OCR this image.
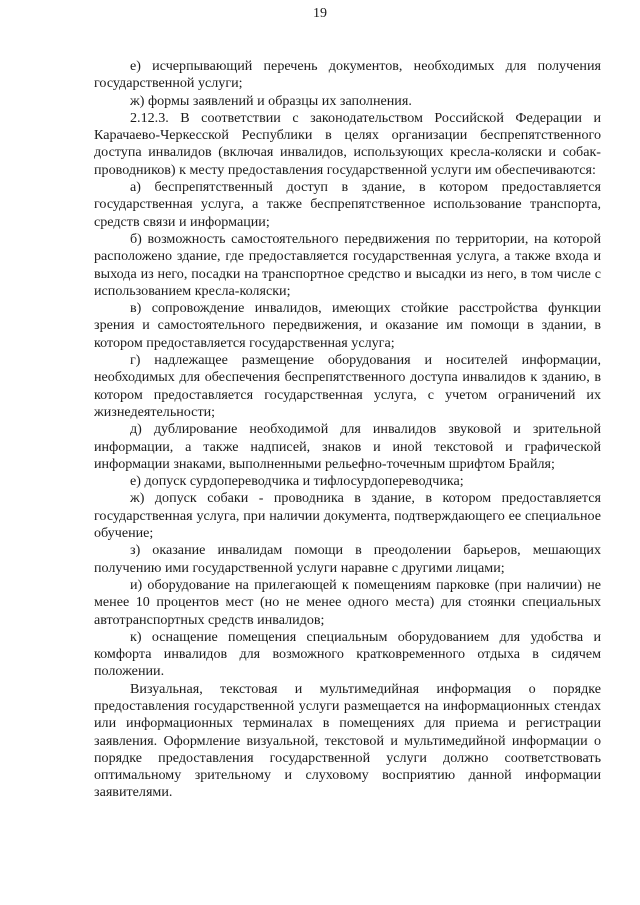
19

е) исчерпывающий перечень документов, необходимых для получения государственной услуги;

ж) формы заявлений и образцы их заполнения.

2.12.3. В соответствии с законодательством Российской Федерации и Карачаево-Черкесской Республики в целях организации беспрепятственного доступа инвалидов (включая инвалидов, использующих кресла-коляски и собак-проводников) к месту предоставления государственной услуги им обеспечиваются:

а) беспрепятственный доступ в здание, в котором предоставляется государственная услуга, а также беспрепятственное использование транспорта, средств связи и информации;

б) возможность самостоятельного передвижения по территории, на которой расположено здание, где предоставляется государственная услуга, а также входа и выхода из него, посадки на транспортное средство и высадки из него, в том числе с использованием кресла-коляски;

в) сопровождение инвалидов, имеющих стойкие расстройства функции зрения и самостоятельного передвижения, и оказание им помощи в здании, в котором предоставляется государственная услуга;

г) надлежащее размещение оборудования и носителей информации, необходимых для обеспечения беспрепятственного доступа инвалидов к зданию, в котором предоставляется государственная услуга, с учетом ограничений их жизнедеятельности;

д) дублирование необходимой для инвалидов звуковой и зрительной информации, а также надписей, знаков и иной текстовой и графической информации знаками, выполненными рельефно-точечным шрифтом Брайля;

е) допуск сурдопереводчика и тифлосурдопереводчика;

ж) допуск собаки - проводника в здание, в котором предоставляется государственная услуга, при наличии документа, подтверждающего ее специальное обучение;

з) оказание инвалидам помощи в преодолении барьеров, мешающих получению ими государственной услуги наравне с другими лицами;

и) оборудование на прилегающей к помещениям парковке (при наличии) не менее 10 процентов мест (но не менее одного места) для стоянки специальных автотранспортных средств инвалидов;

к) оснащение помещения специальным оборудованием для удобства и комфорта инвалидов для возможного кратковременного отдыха в сидячем положении.

Визуальная, текстовая и мультимедийная информация о порядке предоставления государственной услуги размещается на информационных стендах или информационных терминалах в помещениях для приема и регистрации заявления. Оформление визуальной, текстовой и мультимедийной информации о порядке предоставления государственной услуги должно соответствовать оптимальному зрительному и слуховому восприятию данной информации заявителями.
